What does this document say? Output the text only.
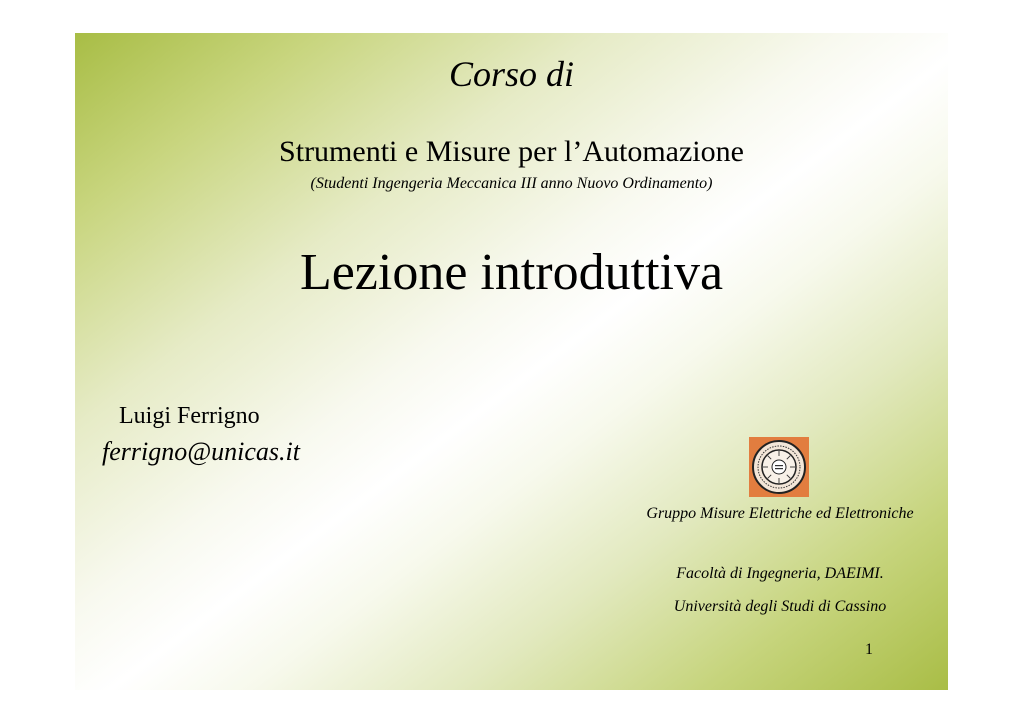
Corso di
Strumenti e Misure per l’Automazione
(Studenti Ingengeria Meccanica III anno Nuovo Ordinamento)
Lezione introduttiva
Luigi Ferrigno
ferrigno@unicas.it
Gruppo Misure Elettriche ed Elettroniche
Facoltà di Ingegneria, DAEIMI.
Università degli Studi di Cassino
1
